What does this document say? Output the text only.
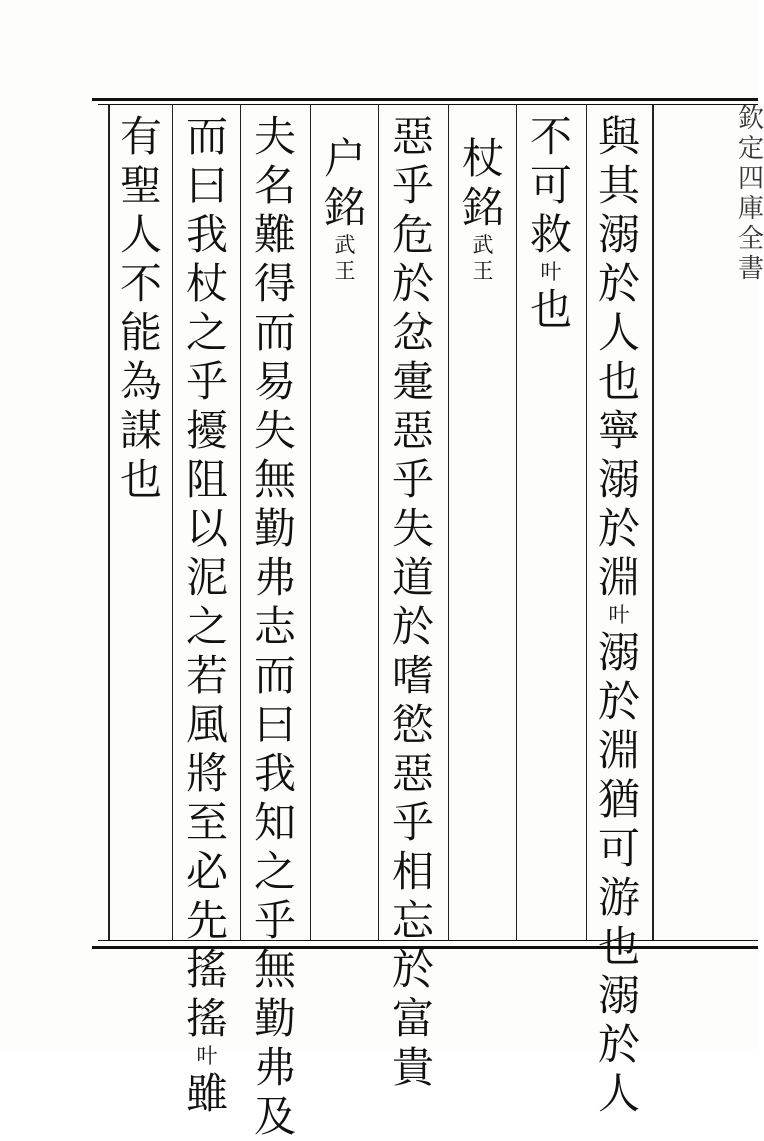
與
其
溺
於
人
也
寧
溺
於
淵
叶
溺
於
淵
猶
可
游
也
溺
於
人
不
可
救
叶
也
杖
銘
武
王
惡
乎
危
於
忿
疐
惡
乎
失
道
於
嗜
慾
惡
乎
相
忘
於
富
貴
户
銘
武
王
夫
名
難
得
而
易
失
無
勤
弗
志
而
曰
我
知
之
乎
無
勤
弗
及
而
曰
我
杖
之
乎
擾
阻
以
泥
之
若
風
將
至
必
先
搖
搖
叶
雖
有
聖
人
不
能
為
謀
也
欽
定
四
庫
全
書
